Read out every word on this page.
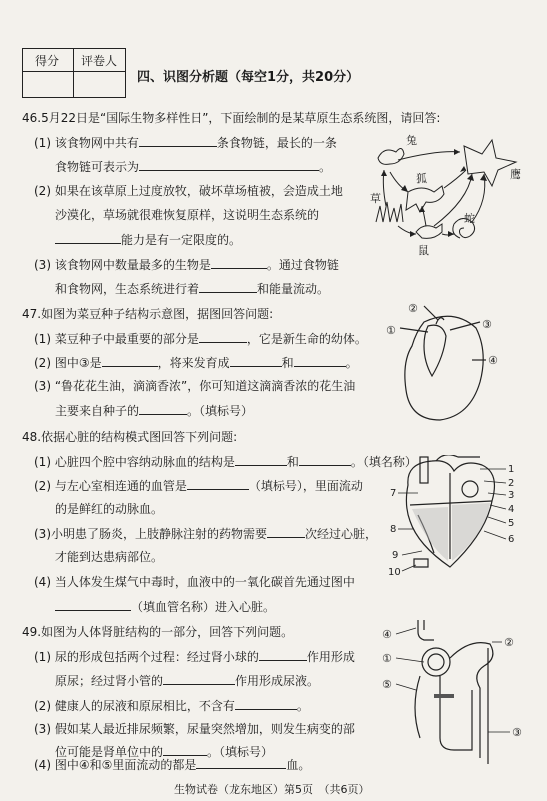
得分 评卷人
四、识图分析题（每空1分，共20分）
46.5月22日是“国际生物多样性日”，下面绘制的是某草原生态系统图，请回答:
(1) 该食物网中共有	条食物链，最长的一条
食物链可表示为	。
(2) 如果在该草原上过度放牧，破坏草场植被，会造成土地
沙漠化，草场就很难恢复原样，这说明生态系统的
能力是有一定限度的。
(3) 该食物网中数量最多的生物是	。通过食物链
和食物网，生态系统进行着	和能量流动。
兔
鹰
狐
草
蛇
鼠
47.如图为菜豆种子结构示意图，据图回答问题:
(1) 菜豆种子中最重要的部分是	，它是新生命的幼体。
(2) 图中③是	，将来发育成	和	。
(3) “鲁花花生油，滴滴香浓”，你可知道这滴滴香浓的花生油
主要来自种子的	。（填标号）
②
①	③
④
48.依据心脏的结构模式图回答下列问题:
(1) 心脏四个腔中容纳动脉血的结构是	和	。（填名称）
(2) 与左心室相连通的血管是	（填标号），里面流动
的是鲜红的动脉血。
(3)小明患了肠炎，上肢静脉注射的药物需要	次经过心脏，
才能到达患病部位。
(4) 当人体发生煤气中毒时，血液中的一氧化碳首先通过图中
（填血管名称）进入心脏。
1
2
3
4
5
6
7
8
9
10
49.如图为人体肾脏结构的一部分，回答下列问题。
(1) 尿的形成包括两个过程：经过肾小球的	作用形成
原尿；经过肾小管的	作用形成尿液。
(2) 健康人的尿液和原尿相比，不含有	。
(3) 假如某人最近排尿频繁，尿量突然增加，则发生病变的部
位可能是肾单位中的	。（填标号）
④
②
①
⑤
③
(4) 图中④和⑤里面流动的都是	血。
生物试卷（龙东地区）第5页　（共6页）
